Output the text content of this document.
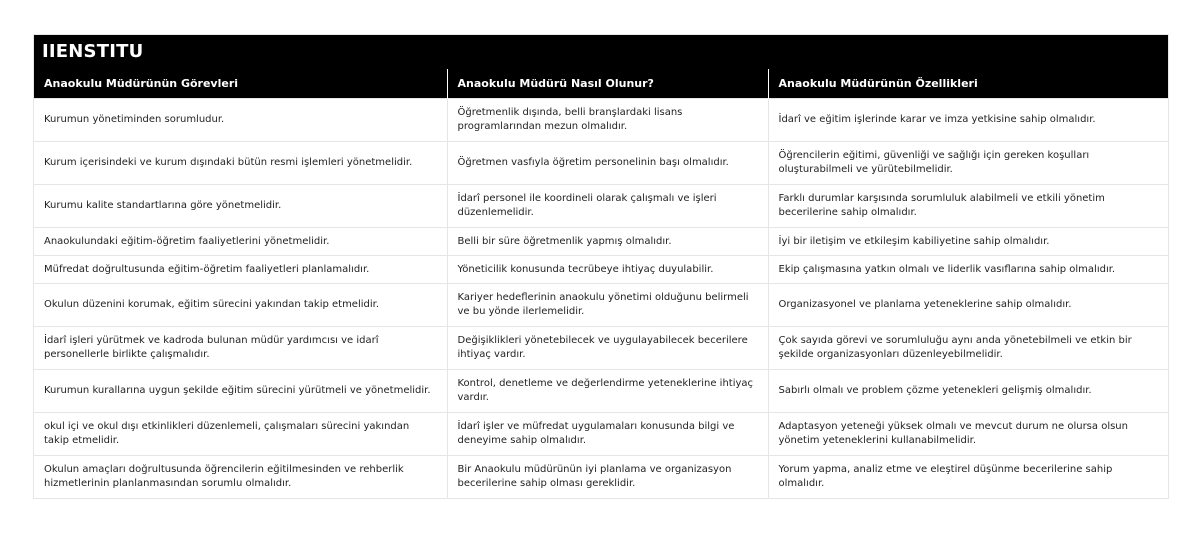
IIENSTITU
Anaokulu Müdürünün Görevleri	Anaokulu Müdürü Nasıl Olunur?	Anaokulu Müdürünün Özellikleri
Kurumun yönetiminden sorumludur.	Öğretmenlik dışında, belli branşlardaki lisans programlarından mezun olmalıdır.	İdarî ve eğitim işlerinde karar ve imza yetkisine sahip olmalıdır.
Kurum içerisindeki ve kurum dışındaki bütün resmi işlemleri yönetmelidir.	Öğretmen vasfıyla öğretim personelinin başı olmalıdır.	Öğrencilerin eğitimi, güvenliği ve sağlığı için gereken koşulları oluşturabilmeli ve yürütebilmelidir.
Kurumu kalite standartlarına göre yönetmelidir.	İdarî personel ile koordineli olarak çalışmalı ve işleri düzenlemelidir.	Farklı durumlar karşısında sorumluluk alabilmeli ve etkili yönetim becerilerine sahip olmalıdır.
Anaokulundaki eğitim-öğretim faaliyetlerini yönetmelidir.	Belli bir süre öğretmenlik yapmış olmalıdır.	İyi bir iletişim ve etkileşim kabiliyetine sahip olmalıdır.
Müfredat doğrultusunda eğitim-öğretim faaliyetleri planlamalıdır.	Yöneticilik konusunda tecrübeye ihtiyaç duyulabilir.	Ekip çalışmasına yatkın olmalı ve liderlik vasıflarına sahip olmalıdır.
Okulun düzenini korumak, eğitim sürecini yakından takip etmelidir.	Kariyer hedeflerinin anaokulu yönetimi olduğunu belirmeli ve bu yönde ilerlemelidir.	Organizasyonel ve planlama yeteneklerine sahip olmalıdır.
İdarî işleri yürütmek ve kadroda bulunan müdür yardımcısı ve idarî personellerle birlikte çalışmalıdır.	Değişiklikleri yönetebilecek ve uygulayabilecek becerilere ihtiyaç vardır.	Çok sayıda görevi ve sorumluluğu aynı anda yönetebilmeli ve etkin bir şekilde organizasyonları düzenleyebilmelidir.
Kurumun kurallarına uygun şekilde eğitim sürecini yürütmeli ve yönetmelidir.	Kontrol, denetleme ve değerlendirme yeteneklerine ihtiyaç vardır.	Sabırlı olmalı ve problem çözme yetenekleri gelişmiş olmalıdır.
okul içi ve okul dışı etkinlikleri düzenlemeli, çalışmaları sürecini yakından takip etmelidir.	İdarî işler ve müfredat uygulamaları konusunda bilgi ve deneyime sahip olmalıdır.	Adaptasyon yeteneği yüksek olmalı ve mevcut durum ne olursa olsun yönetim yeteneklerini kullanabilmelidir.
Okulun amaçları doğrultusunda öğrencilerin eğitilmesinden ve rehberlik hizmetlerinin planlanmasından sorumlu olmalıdır.	Bir Anaokulu müdürünün iyi planlama ve organizasyon becerilerine sahip olması gereklidir.	Yorum yapma, analiz etme ve eleştirel düşünme becerilerine sahip olmalıdır.
